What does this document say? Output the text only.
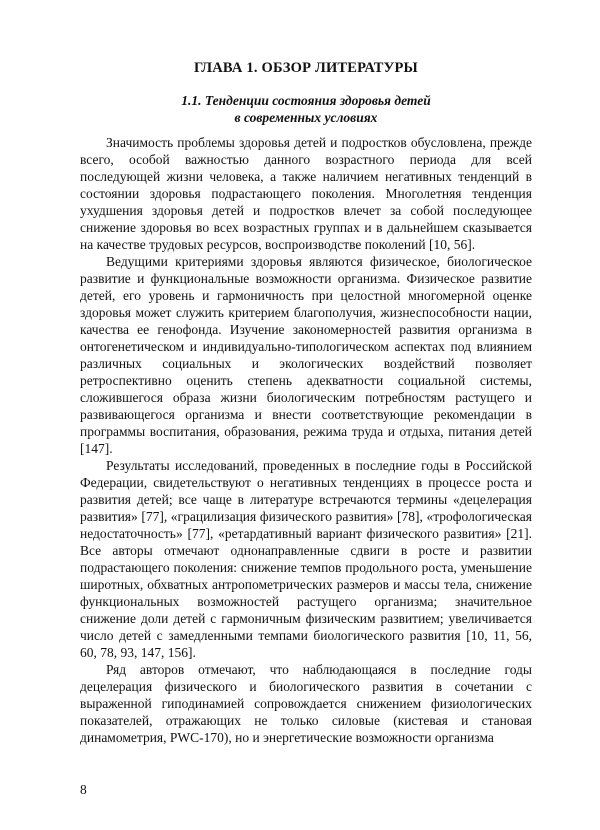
ГЛАВА 1. ОБЗОР ЛИТЕРАТУРЫ
1.1. Тенденции состояния здоровья детей
в современных условиях

Значимость проблемы здоровья детей и подростков обусловлена, прежде всего, особой важностью данного возрастного периода для всей последующей жизни человека, а также наличием негативных тенденций в состоянии здоровья подрастающего поколения. Многолетняя тенденция ухудшения здоровья детей и подростков влечет за собой последующее снижение здоровья во всех возрастных группах и в дальнейшем сказывается на качестве трудовых ресурсов, воспроизводстве поколений [10, 56].

Ведущими критериями здоровья являются физическое, биологическое развитие и функциональные возможности организма. Физическое развитие детей, его уровень и гармоничность при целостной многомерной оценке здоровья может служить критерием благополучия, жизнеспособности нации, качества ее генофонда. Изучение закономерностей развития организма в онтогенетическом и индивидуально-типологическом аспектах под влиянием различных социальных и экологических воздействий позволяет ретроспективно оценить степень адекватности социальной системы, сложившегося образа жизни биологическим потребностям растущего и развивающегося организма и внести соответствующие рекомендации в программы воспитания, образования, режима труда и отдыха, питания детей [147].

Результаты исследований, проведенных в последние годы в Российской Федерации, свидетельствуют о негативных тенденциях в процессе роста и развития детей; все чаще в литературе встречаются термины «децелерация развития» [77], «грацилизация физического развития» [78], «трофологическая недостаточность» [77], «ретардативный вариант физического развития» [21]. Все авторы отмечают однонаправленные сдвиги в росте и развитии подрастающего поколения: снижение темпов продольного роста, уменьшение широтных, обхватных антропометрических размеров и массы тела, снижение функциональных возможностей растущего организма; значительное снижение доли детей с гармоничным физическим развитием; увеличивается число детей с замедленными темпами биологического развития [10, 11, 56, 60, 78, 93, 147, 156].

Ряд авторов отмечают, что наблюдающаяся в последние годы децелерация физического и биологического развития в сочетании с выраженной гиподинамией сопровождается снижением физиологических показателей, отражающих не только силовые (кистевая и становая динамометрия, PWC-170), но и энергетические возможности организма

8
